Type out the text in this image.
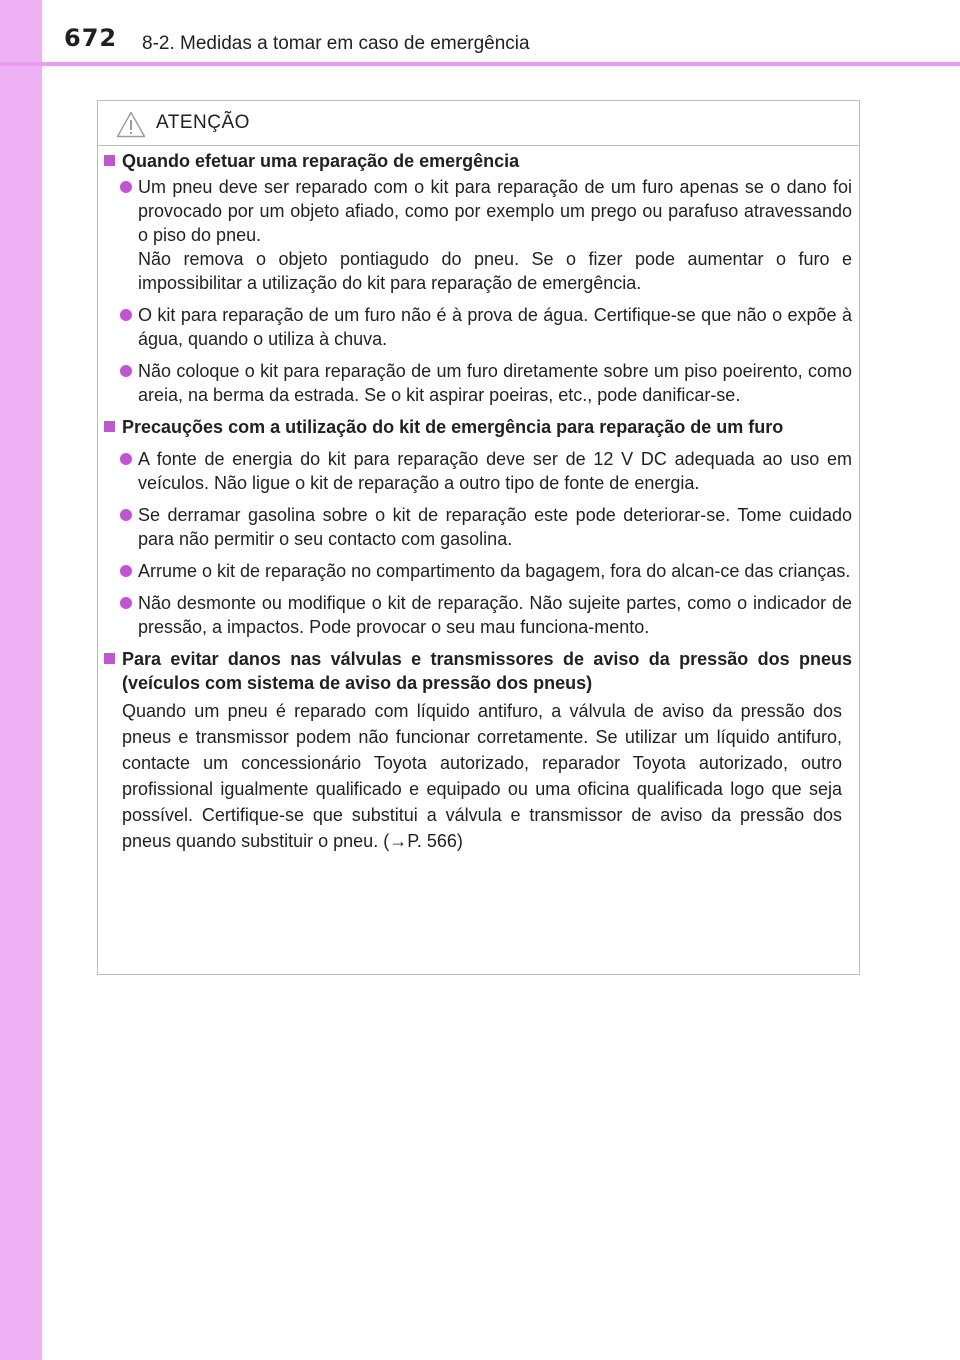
672 8-2. Medidas a tomar em caso de emergência
ATENÇÃO
Quando efetuar uma reparação de emergência
Um pneu deve ser reparado com o kit para reparação de um furo apenas se o dano foi provocado por um objeto afiado, como por exemplo um prego ou parafuso atravessando o piso do pneu.
Não remova o objeto pontiagudo do pneu. Se o fizer pode aumentar o furo e impossibilitar a utilização do kit para reparação de emergência.
O kit para reparação de um furo não é à prova de água. Certifique-se que não o expõe à água, quando o utiliza à chuva.
Não coloque o kit para reparação de um furo diretamente sobre um piso poeirento, como areia, na berma da estrada. Se o kit aspirar poeiras, etc., pode danificar-se.
Precauções com a utilização do kit de emergência para reparação de um furo
A fonte de energia do kit para reparação deve ser de 12 V DC adequada ao uso em veículos. Não ligue o kit de reparação a outro tipo de fonte de energia.
Se derramar gasolina sobre o kit de reparação este pode deteriorar-se. Tome cuidado para não permitir o seu contacto com gasolina.
Arrume o kit de reparação no compartimento da bagagem, fora do alcan-ce das crianças.
Não desmonte ou modifique o kit de reparação. Não sujeite partes, como o indicador de pressão, a impactos. Pode provocar o seu mau funciona-mento.
Para evitar danos nas válvulas e transmissores de aviso da pressão dos pneus (veículos com sistema de aviso da pressão dos pneus)
Quando um pneu é reparado com líquido antifuro, a válvula de aviso da pressão dos pneus e transmissor podem não funcionar corretamente. Se utilizar um líquido antifuro, contacte um concessionário Toyota autorizado, reparador Toyota autorizado, outro profissional igualmente qualificado e equipado ou uma oficina qualificada logo que seja possível. Certifique-se que substitui a válvula e transmissor de aviso da pressão dos pneus quando substituir o pneu. (→P. 566)
